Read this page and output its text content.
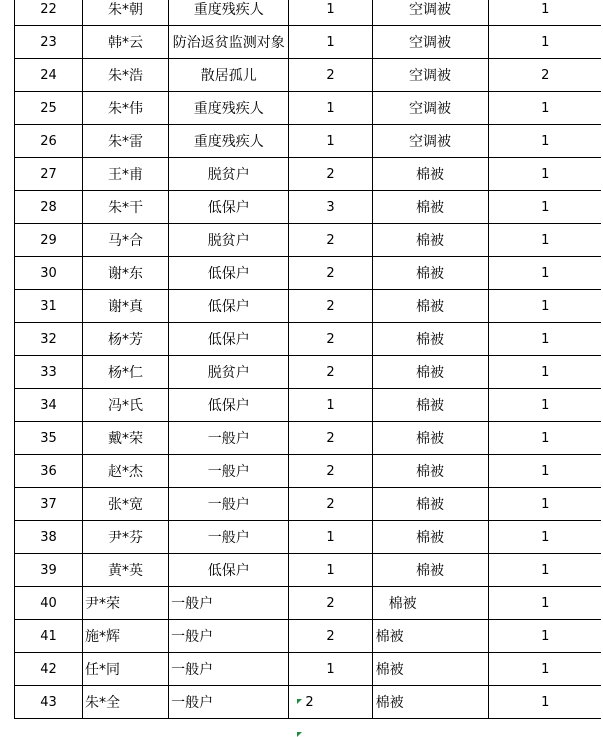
22	朱*朝	重度残疾人	1	空调被	1
23	韩*云	防治返贫监测对象	1	空调被	1
24	朱*浩	散居孤儿	2	空调被	2
25	朱*伟	重度残疾人	1	空调被	1
26	朱*雷	重度残疾人	1	空调被	1
27	王*甫	脱贫户	2	棉被	1
28	朱*干	低保户	3	棉被	1
29	马*合	脱贫户	2	棉被	1
30	谢*东	低保户	2	棉被	1
31	谢*真	低保户	2	棉被	1
32	杨*芳	低保户	2	棉被	1
33	杨*仁	脱贫户	2	棉被	1
34	冯*氏	低保户	1	棉被	1
35	戴*荣	一般户	2	棉被	1
36	赵*杰	一般户	2	棉被	1
37	张*宽	一般户	2	棉被	1
38	尹*芬	一般户	1	棉被	1
39	黄*英	低保户	1	棉被	1
40	尹*荣	一般户	2	棉被	1
41	施*辉	一般户	2	棉被	1
42	任*同	一般户	1	棉被	1
43	朱*全	一般户	2	棉被	1
